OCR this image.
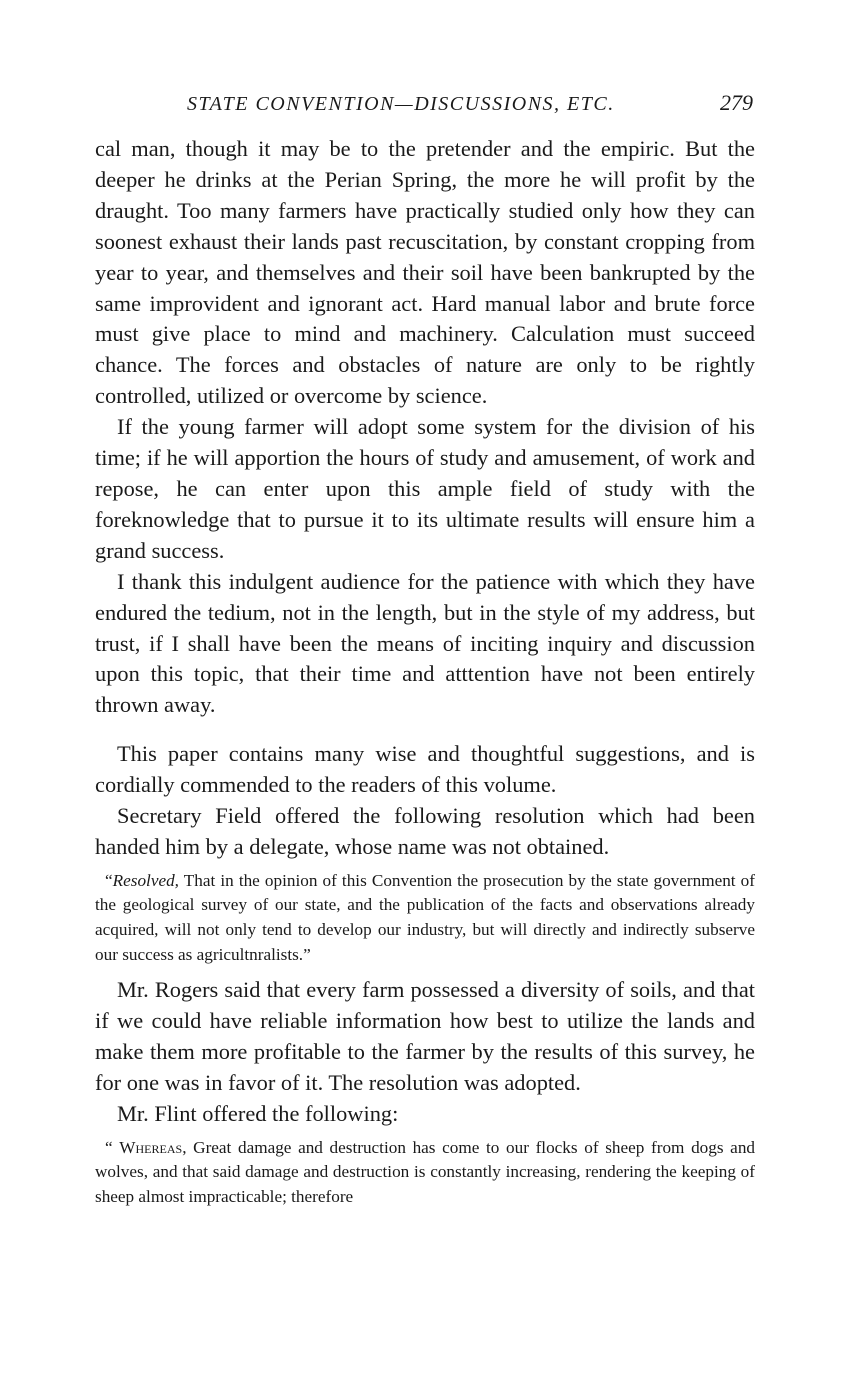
STATE CONVENTION—DISCUSSIONS, ETC.	279

cal man, though it may be to the pretender and the empiric. But the deeper he drinks at the Perian Spring, the more he will profit by the draught. Too many farmers have practically studied only how they can soonest exhaust their lands past recuscitation, by constant cropping from year to year, and themselves and their soil have been bankrupted by the same improvident and ignorant act. Hard manual labor and brute force must give place to mind and machinery. Calculation must succeed chance. The forces and obstacles of nature are only to be rightly controlled, utilized or overcome by science.

If the young farmer will adopt some system for the division of his time; if he will apportion the hours of study and amusement, of work and repose, he can enter upon this ample field of study with the foreknowledge that to pursue it to its ultimate results will ensure him a grand success.

I thank this indulgent audience for the patience with which they have endured the tedium, not in the length, but in the style of my address, but trust, if I shall have been the means of inciting inquiry and discussion upon this topic, that their time and atttention have not been entirely thrown away.

This paper contains many wise and thoughtful suggestions, and is cordially commended to the readers of this volume.

Secretary Field offered the following resolution which had been handed him by a delegate, whose name was not obtained.

“Resolved, That in the opinion of this Convention the prosecution by the state government of the geological survey of our state, and the publication of the facts and observations already acquired, will not only tend to develop our industry, but will directly and indirectly subserve our success as agricultnralists.”

Mr. Rogers said that every farm possessed a diversity of soils, and that if we could have reliable information how best to utilize the lands and make them more profitable to the farmer by the results of this survey, he for one was in favor of it. The resolution was adopted.

Mr. Flint offered the following:

“ Whereas, Great damage and destruction has come to our flocks of sheep from dogs and wolves, and that said damage and destruction is constantly increasing, rendering the keeping of sheep almost impracticable; therefore
